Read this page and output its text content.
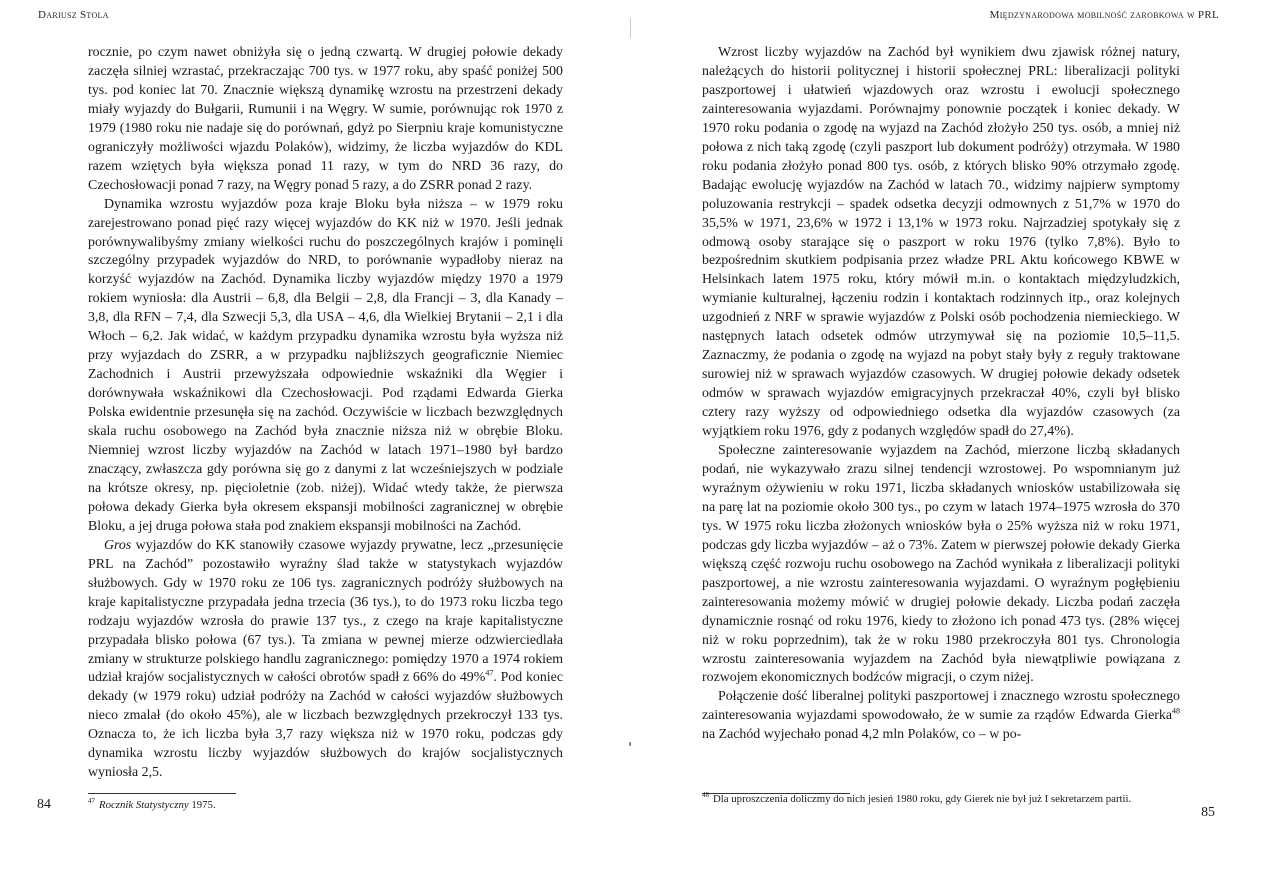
Dariusz Stola

rocznie, po czym nawet obniżyła się o jedną czwartą. W drugiej połowie dekady zaczęła silniej wzrastać, przekraczając 700 tys. w 1977 roku, aby spaść poniżej 500 tys. pod koniec lat 70. Znacznie większą dynamikę wzrostu na przestrzeni dekady miały wyjazdy do Bułgarii, Rumunii i na Węgry. W sumie, porównując rok 1970 z 1979 (1980 roku nie nadaje się do porównań, gdyż po Sierpniu kraje komunistyczne ograniczyły możliwości wjazdu Polaków), widzimy, że liczba wyjazdów do KDL razem wziętych była większa ponad 11 razy, w tym do NRD 36 razy, do Czechosłowacji ponad 7 razy, na Węgry ponad 5 razy, a do ZSRR ponad 2 razy.

Dynamika wzrostu wyjazdów poza kraje Bloku była niższa – w 1979 roku zarejestrowano ponad pięć razy więcej wyjazdów do KK niż w 1970. Jeśli jednak porównywalibyśmy zmiany wielkości ruchu do poszczególnych krajów i pominęli szczególny przypadek wyjazdów do NRD, to porównanie wypadłoby nieraz na korzyść wyjazdów na Zachód. Dynamika liczby wyjazdów między 1970 a 1979 rokiem wyniosła: dla Austrii – 6,8, dla Belgii – 2,8, dla Francji – 3, dla Kanady – 3,8, dla RFN – 7,4, dla Szwecji 5,3, dla USA – 4,6, dla Wielkiej Brytanii – 2,1 i dla Włoch – 6,2. Jak widać, w każdym przypadku dynamika wzrostu była wyższa niż przy wyjazdach do ZSRR, a w przypadku najbliższych geograficznie Niemiec Zachodnich i Austrii przewyższała odpowiednie wskaźniki dla Węgier i dorównywała wskaźnikowi dla Czechosłowacji. Pod rządami Edwarda Gierka Polska ewidentnie przesunęła się na zachód. Oczywiście w liczbach bezwzględnych skala ruchu osobowego na Zachód była znacznie niższa niż w obrębie Bloku. Niemniej wzrost liczby wyjazdów na Zachód w latach 1971–1980 był bardzo znaczący, zwłaszcza gdy porówna się go z danymi z lat wcześniejszych w podziale na krótsze okresy, np. pięcioletnie (zob. niżej). Widać wtedy także, że pierwsza połowa dekady Gierka była okresem ekspansji mobilności zagranicznej w obrębie Bloku, a jej druga połowa stała pod znakiem ekspansji mobilności na Zachód.

Gros wyjazdów do KK stanowiły czasowe wyjazdy prywatne, lecz „przesunięcie PRL na Zachód” pozostawiło wyraźny ślad także w statystykach wyjazdów służbowych. Gdy w 1970 roku ze 106 tys. zagranicznych podróży służbowych na kraje kapitalistyczne przypadała jedna trzecia (36 tys.), to do 1973 roku liczba tego rodzaju wyjazdów wzrosła do prawie 137 tys., z czego na kraje kapitalistyczne przypadała blisko połowa (67 tys.). Ta zmiana w pewnej mierze odzwierciedlała zmiany w strukturze polskiego handlu zagranicznego: pomiędzy 1970 a 1974 rokiem udział krajów socjalistycznych w całości obrotów spadł z 66% do 49%$^{47}$. Pod koniec dekady (w 1979 roku) udział podróży na Zachód w całości wyjazdów służbowych nieco zmalał (do około 45%), ale w liczbach bezwzględnych przekroczył 133 tys. Oznacza to, że ich liczba była 3,7 razy większa niż w 1970 roku, podczas gdy dynamika wzrostu liczby wyjazdów służbowych do krajów socjalistycznych wyniosła 2,5.

84	$^{47}$ Rocznik Statystyczny 1975.
Międzynarodowa mobilność zarobkowa w PRL

Wzrost liczby wyjazdów na Zachód był wynikiem dwu zjawisk różnej natury, należących do historii politycznej i historii społecznej PRL: liberalizacji polityki paszportowej i ułatwień wjazdowych oraz wzrostu i ewolucji społecznego zainteresowania wyjazdami. Porównajmy ponownie początek i koniec dekady. W 1970 roku podania o zgodę na wyjazd na Zachód złożyło 250 tys. osób, a mniej niż połowa z nich taką zgodę (czyli paszport lub dokument podróży) otrzymała. W 1980 roku podania złożyło ponad 800 tys. osób, z których blisko 90% otrzymało zgodę. Badając ewolucję wyjazdów na Zachód w latach 70., widzimy najpierw symptomy poluzowania restrykcji – spadek odsetka decyzji odmownych z 51,7% w 1970 do 35,5% w 1971, 23,6% w 1972 i 13,1% w 1973 roku. Najrzadziej spotykały się z odmową osoby starające się o paszport w roku 1976 (tylko 7,8%). Było to bezpośrednim skutkiem podpisania przez władze PRL Aktu końcowego KBWE w Helsinkach latem 1975 roku, który mówił m.in. o kontaktach międzyludzkich, wymianie kulturalnej, łączeniu rodzin i kontaktach rodzinnych itp., oraz kolejnych uzgodnień z NRF w sprawie wyjazdów z Polski osób pochodzenia niemieckiego. W następnych latach odsetek odmów utrzymywał się na poziomie 10,5–11,5. Zaznaczmy, że podania o zgodę na wyjazd na pobyt stały były z reguły traktowane surowiej niż w sprawach wyjazdów czasowych. W drugiej połowie dekady odsetek odmów w sprawach wyjazdów emigracyjnych przekraczał 40%, czyli był blisko cztery razy wyższy od odpowiedniego odsetka dla wyjazdów czasowych (za wyjątkiem roku 1976, gdy z podanych względów spadł do 27,4%).

Społeczne zainteresowanie wyjazdem na Zachód, mierzone liczbą składanych podań, nie wykazywało zrazu silnej tendencji wzrostowej. Po wspomnianym już wyraźnym ożywieniu w roku 1971, liczba składanych wniosków ustabilizowała się na parę lat na poziomie około 300 tys., po czym w latach 1974–1975 wzrosła do 370 tys. W 1975 roku liczba złożonych wniosków była o 25% wyższa niż w roku 1971, podczas gdy liczba wyjazdów – aż o 73%. Zatem w pierwszej połowie dekady Gierka większą część rozwoju ruchu osobowego na Zachód wynikała z liberalizacji polityki paszportowej, a nie wzrostu zainteresowania wyjazdami. O wyraźnym pogłębieniu zainteresowania możemy mówić w drugiej połowie dekady. Liczba podań zaczęła dynamicznie rosnąć od roku 1976, kiedy to złożono ich ponad 473 tys. (28% więcej niż w roku poprzednim), tak że w roku 1980 przekroczyła 801 tys. Chronologia wzrostu zainteresowania wyjazdem na Zachód była niewątpliwie powiązana z rozwojem ekonomicznych bodźców migracji, o czym niżej.

Połączenie dość liberalnej polityki paszportowej i znacznego wzrostu społecznego zainteresowania wyjazdami spowodowało, że w sumie za rządów Edwarda Gierka$^{48}$ na Zachód wyjechało ponad 4,2 mln Polaków, co – w po-

$^{48}$ Dla uproszczenia doliczmy do nich jesień 1980 roku, gdy Gierek nie był już I sekretarzem partii.
85
